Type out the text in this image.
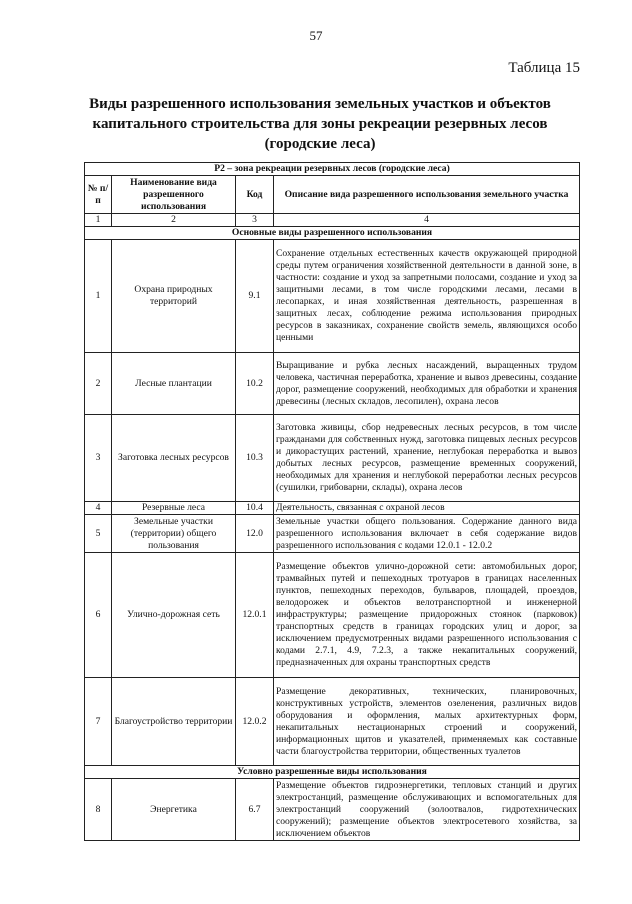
57
Таблица 15
Виды разрешенного использования земельных участков и объектов
капитального строительства для зоны рекреации резервных лесов
(городские леса)
Р2 – зона рекреации резервных лесов (городские леса)			
№ п/п	Наименование вида разрешенного использования	Код	Описание вида разрешенного использования земельного участка
1	2	3	4
Основные виды разрешенного использования			
1	Охрана природных территорий	9.1	Сохранение отдельных естественных качеств окружающей природной среды путем ограничения хозяйственной деятельности в данной зоне, в частности: создание и уход за запретными полосами, создание и уход за защитными лесами, в том числе городскими лесами, лесами в лесопарках, и иная хозяйственная деятельность, разрешенная в защитных лесах, соблюдение режима использования природных ресурсов в заказниках, сохранение свойств земель, являющихся особо ценными
2	Лесные плантации	10.2	Выращивание и рубка лесных насаждений, выращенных трудом человека, частичная переработка, хранение и вывоз древесины, создание дорог, размещение сооружений, необходимых для обработки и хранения древесины (лесных складов, лесопилен), охрана лесов
3	Заготовка лесных ресурсов	10.3	Заготовка живицы, сбор недревесных лесных ресурсов, в том числе гражданами для собственных нужд, заготовка пищевых лесных ресурсов и дикорастущих растений, хранение, неглубокая переработка и вывоз добытых лесных ресурсов, размещение временных сооружений, необходимых для хранения и неглубокой переработки лесных ресурсов (сушилки, грибоварни, склады), охрана лесов
4	Резервные леса	10.4	Деятельность, связанная с охраной лесов
5	Земельные участки (территории) общего пользования	12.0	Земельные участки общего пользования. Содержание данного вида разрешенного использования включает в себя содержание видов разрешенного использования с кодами 12.0.1 - 12.0.2
6	Улично-дорожная сеть	12.0.1	Размещение объектов улично-дорожной сети: автомобильных дорог, трамвайных путей и пешеходных тротуаров в границах населенных пунктов, пешеходных переходов, бульваров, площадей, проездов, велодорожек и объектов велотранспортной и инженерной инфраструктуры; размещение придорожных стоянок (парковок) транспортных средств в границах городских улиц и дорог, за исключением предусмотренных видами разрешенного использования с кодами 2.7.1, 4.9, 7.2.3, а также некапитальных сооружений, предназначенных для охраны транспортных средств
7	Благоустройство территории	12.0.2	Размещение декоративных, технических, планировочных, конструктивных устройств, элементов озеленения, различных видов оборудования и оформления, малых архитектурных форм, некапитальных нестационарных строений и сооружений, информационных щитов и указателей, применяемых как составные части благоустройства территории, общественных туалетов
Условно разрешенные виды использования			
8	Энергетика	6.7	Размещение объектов гидроэнергетики, тепловых станций и других электростанций, размещение обслуживающих и вспомогательных для электростанций сооружений (золоотвалов, гидротехнических сооружений); размещение объектов электросетевого хозяйства, за исключением объектов
